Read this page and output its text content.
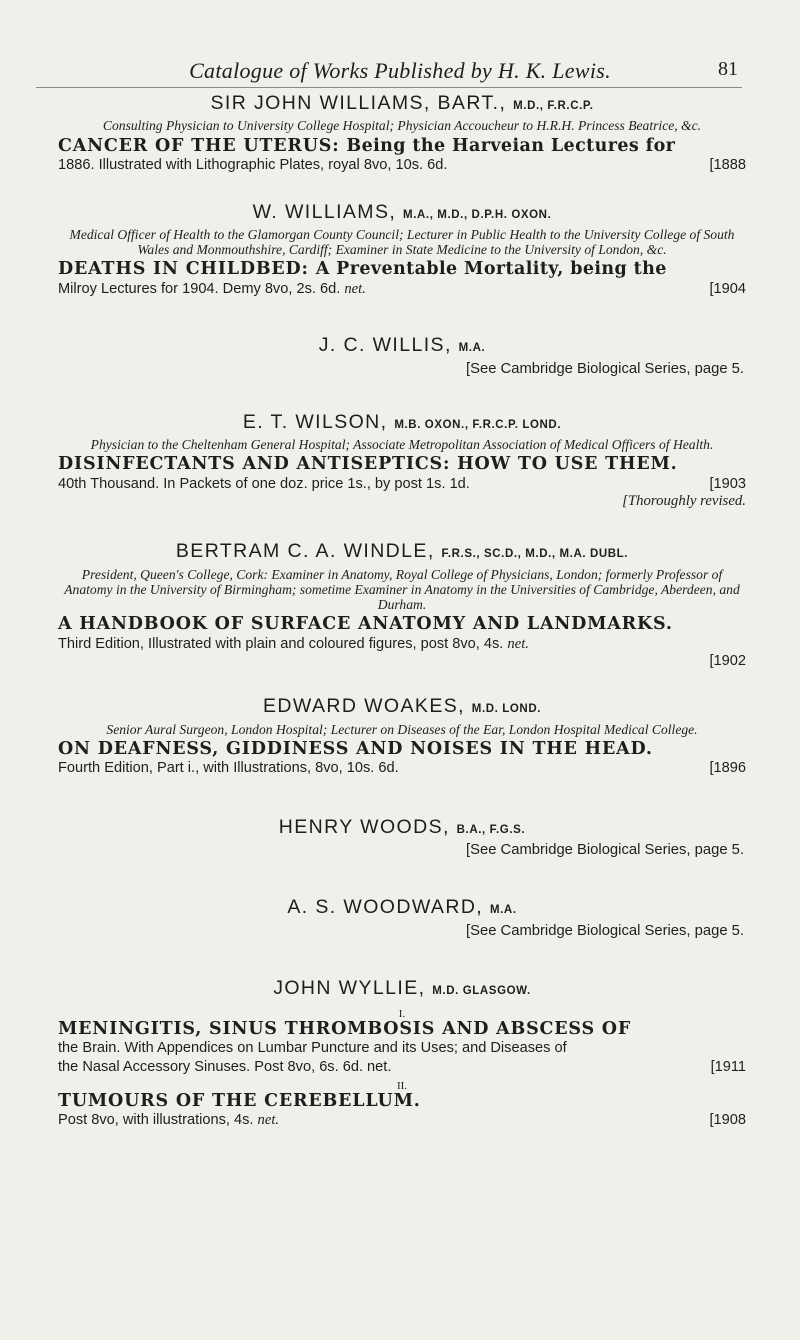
Catalogue of Works Published by H. K. Lewis.	81
SIR JOHN WILLIAMS, BART., M.D., F.R.C.P.
Consulting Physician to University College Hospital; Physician Accoucheur to H.R.H. Princess Beatrice, &c.
CANCER OF THE UTERUS: Being the Harveian Lectures for
1886. Illustrated with Lithographic Plates, royal 8vo, 10s. 6d.	[1888
W. WILLIAMS, M.A., M.D., D.P.H. OXON.
Medical Officer of Health to the Glamorgan County Council; Lecturer in Public Health to the University College of South Wales and Monmouthshire, Cardiff; Examiner in State Medicine to the University of London, &c.
DEATHS IN CHILDBED: A Preventable Mortality, being the
Milroy Lectures for 1904. Demy 8vo, 2s. 6d. net.	[1904
J. C. WILLIS, M.A.
[See Cambridge Biological Series, page 5.
E. T. WILSON, M.B. OXON., F.R.C.P. LOND.
Physician to the Cheltenham General Hospital; Associate Metropolitan Association of Medical Officers of Health.
DISINFECTANTS AND ANTISEPTICS: HOW TO USE THEM.
40th Thousand. In Packets of one doz. price 1s., by post 1s. 1d.	[1903
[Thoroughly revised.
BERTRAM C. A. WINDLE, F.R.S., SC.D., M.D., M.A. DUBL.
President, Queen's College, Cork: Examiner in Anatomy, Royal College of Physicians, London; formerly Professor of Anatomy in the University of Birmingham; sometime Examiner in Anatomy in the Universities of Cambridge, Aberdeen, and Durham.
A HANDBOOK OF SURFACE ANATOMY AND LANDMARKS.
Third Edition, Illustrated with plain and coloured figures, post 8vo, 4s. net.
[1902
EDWARD WOAKES, M.D. LOND.
Senior Aural Surgeon, London Hospital; Lecturer on Diseases of the Ear, London Hospital Medical College.
ON DEAFNESS, GIDDINESS AND NOISES IN THE HEAD.
Fourth Edition, Part i., with Illustrations, 8vo, 10s. 6d.	[1896
HENRY WOODS, B.A., F.G.S.
[See Cambridge Biological Series, page 5.
A. S. WOODWARD, M.A.
[See Cambridge Biological Series, page 5.
JOHN WYLLIE, M.D. GLASGOW.
I.
MENINGITIS, SINUS THROMBOSIS AND ABSCESS OF
the Brain. With Appendices on Lumbar Puncture and its Uses; and Diseases of
the Nasal Accessory Sinuses. Post 8vo, 6s. 6d. net.	[1911
II.
TUMOURS OF THE CEREBELLUM.
Post 8vo, with illustrations, 4s. net.	[1908
